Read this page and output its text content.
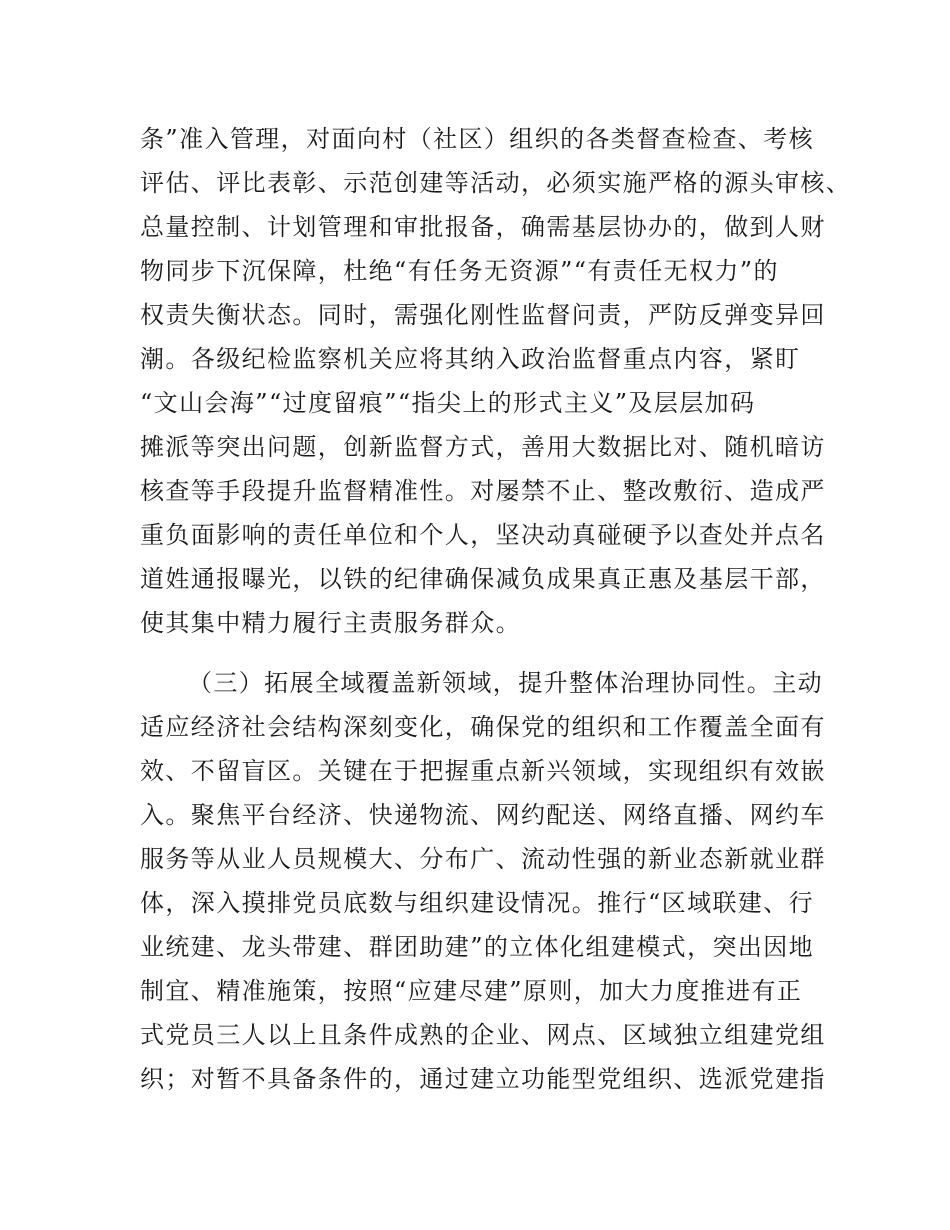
条”准入管理，对面向村（社区）组织的各类督查检查、考核
评估、评比表彰、示范创建等活动，必须实施严格的源头审核、
总量控制、计划管理和审批报备，确需基层协办的，做到人财
物同步下沉保障，杜绝“有任务无资源”“有责任无权力”的
权责失衡状态。同时，需强化刚性监督问责，严防反弹变异回
潮。各级纪检监察机关应将其纳入政治监督重点内容，紧盯
“文山会海”“过度留痕”“指尖上的形式主义”及层层加码
摊派等突出问题，创新监督方式，善用大数据比对、随机暗访
核查等手段提升监督精准性。对屡禁不止、整改敷衍、造成严
重负面影响的责任单位和个人，坚决动真碰硬予以查处并点名
道姓通报曝光，以铁的纪律确保减负成果真正惠及基层干部，
使其集中精力履行主责服务群众。
（三）拓展全域覆盖新领域，提升整体治理协同性。主动
适应经济社会结构深刻变化，确保党的组织和工作覆盖全面有
效、不留盲区。关键在于把握重点新兴领域，实现组织有效嵌
入。聚焦平台经济、快递物流、网约配送、网络直播、网约车
服务等从业人员规模大、分布广、流动性强的新业态新就业群
体，深入摸排党员底数与组织建设情况。推行“区域联建、行
业统建、龙头带建、群团助建”的立体化组建模式，突出因地
制宜、精准施策，按照“应建尽建”原则，加大力度推进有正
式党员三人以上且条件成熟的企业、网点、区域独立组建党组
织；对暂不具备条件的，通过建立功能型党组织、选派党建指
